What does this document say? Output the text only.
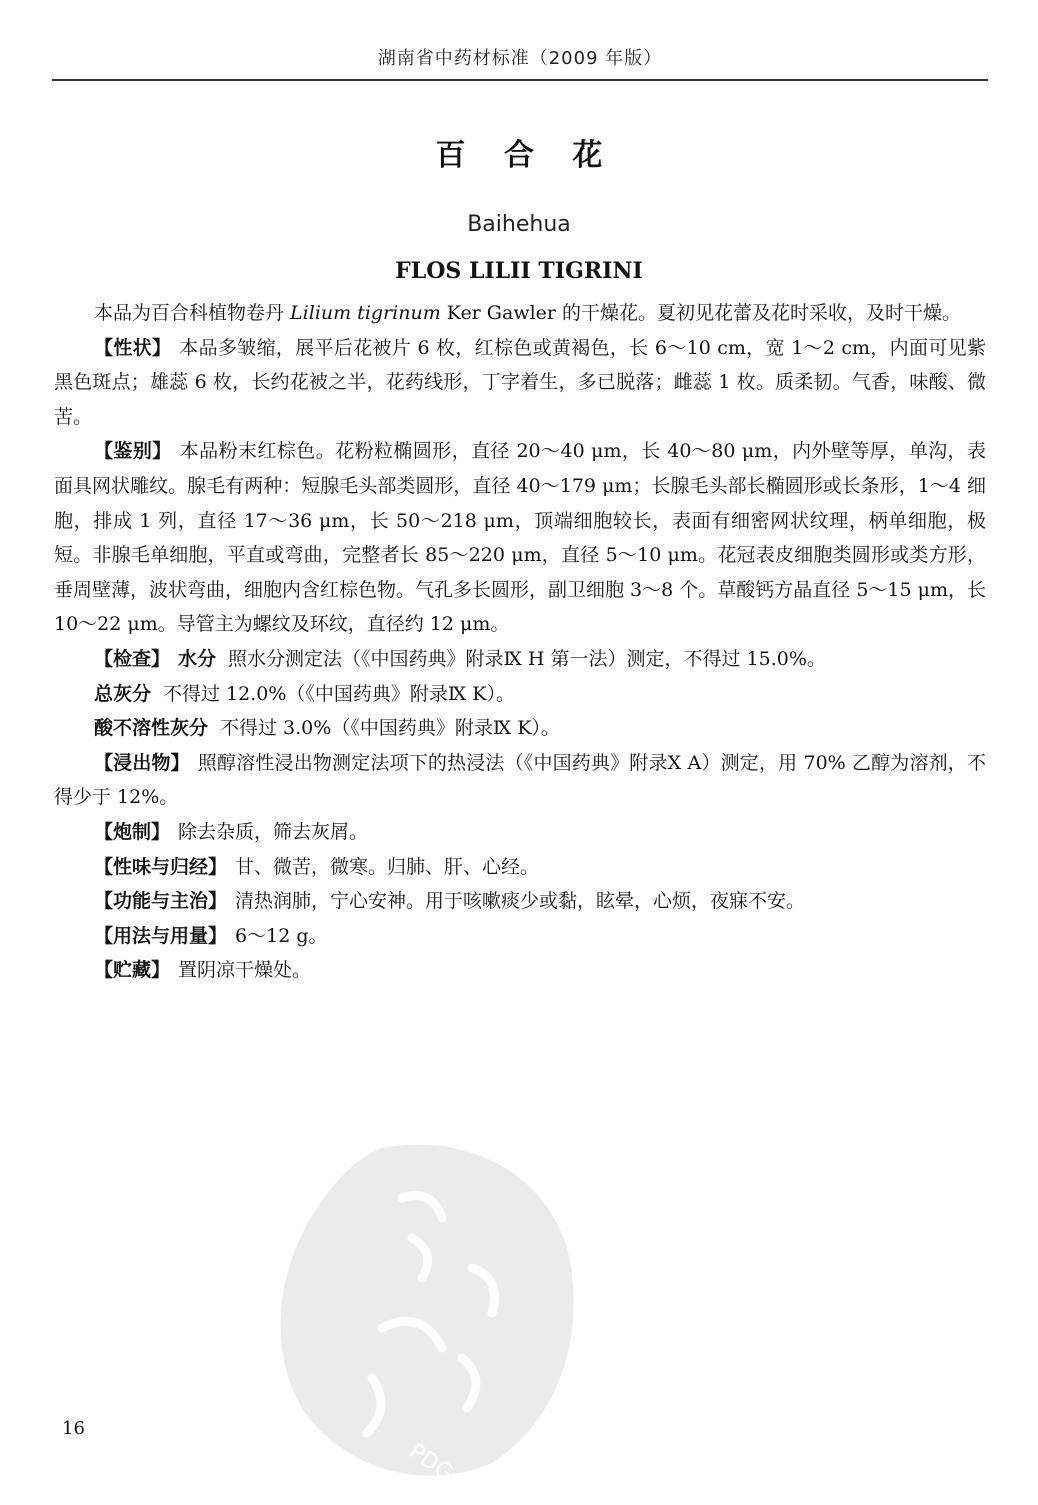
湖南省中药材标准（2009 年版）
百 合 花
Baihehua
FLOS LILII TIGRINI

本品为百合科植物卷丹 Lilium tigrinum Ker Gawler 的干燥花。夏初见花蕾及花时采收，及时干燥。

【性状】 本品多皱缩，展平后花被片 6 枚，红棕色或黄褐色，长 6～10 cm，宽 1～2 cm，内面可见紫黑色斑点；雄蕊 6 枚，长约花被之半，花药线形，丁字着生，多已脱落；雌蕊 1 枚。质柔韧。气香，味酸、微苦。

【鉴别】 本品粉末红棕色。花粉粒椭圆形，直径 20～40 μm，长 40～80 μm，内外壁等厚，单沟，表面具网状雕纹。腺毛有两种：短腺毛头部类圆形，直径 40～179 μm；长腺毛头部长椭圆形或长条形，1～4 细胞，排成 1 列，直径 17～36 μm，长 50～218 μm，顶端细胞较长，表面有细密网状纹理，柄单细胞，极短。非腺毛单细胞，平直或弯曲，完整者长 85～220 μm，直径 5～10 μm。花冠表皮细胞类圆形或类方形，垂周壁薄，波状弯曲，细胞内含红棕色物。气孔多长圆形，副卫细胞 3～8 个。草酸钙方晶直径 5～15 μm，长 10～22 μm。导管主为螺纹及环纹，直径约 12 μm。

【检查】 水分 照水分测定法（《中国药典》附录Ⅸ H 第一法）测定，不得过 15.0%。

总灰分 不得过 12.0%（《中国药典》附录Ⅸ K）。

酸不溶性灰分 不得过 3.0%（《中国药典》附录Ⅸ K）。

【浸出物】 照醇溶性浸出物测定法项下的热浸法（《中国药典》附录Ⅹ A）测定，用 70% 乙醇为溶剂，不得少于 12%。

【炮制】 除去杂质，筛去灰屑。

【性味与归经】 甘、微苦，微寒。归肺、肝、心经。

【功能与主治】 清热润肺，宁心安神。用于咳嗽痰少或黏，眩晕，心烦，夜寐不安。

【用法与用量】 6～12 g。

【贮藏】 置阴凉干燥处。

PDG
16
